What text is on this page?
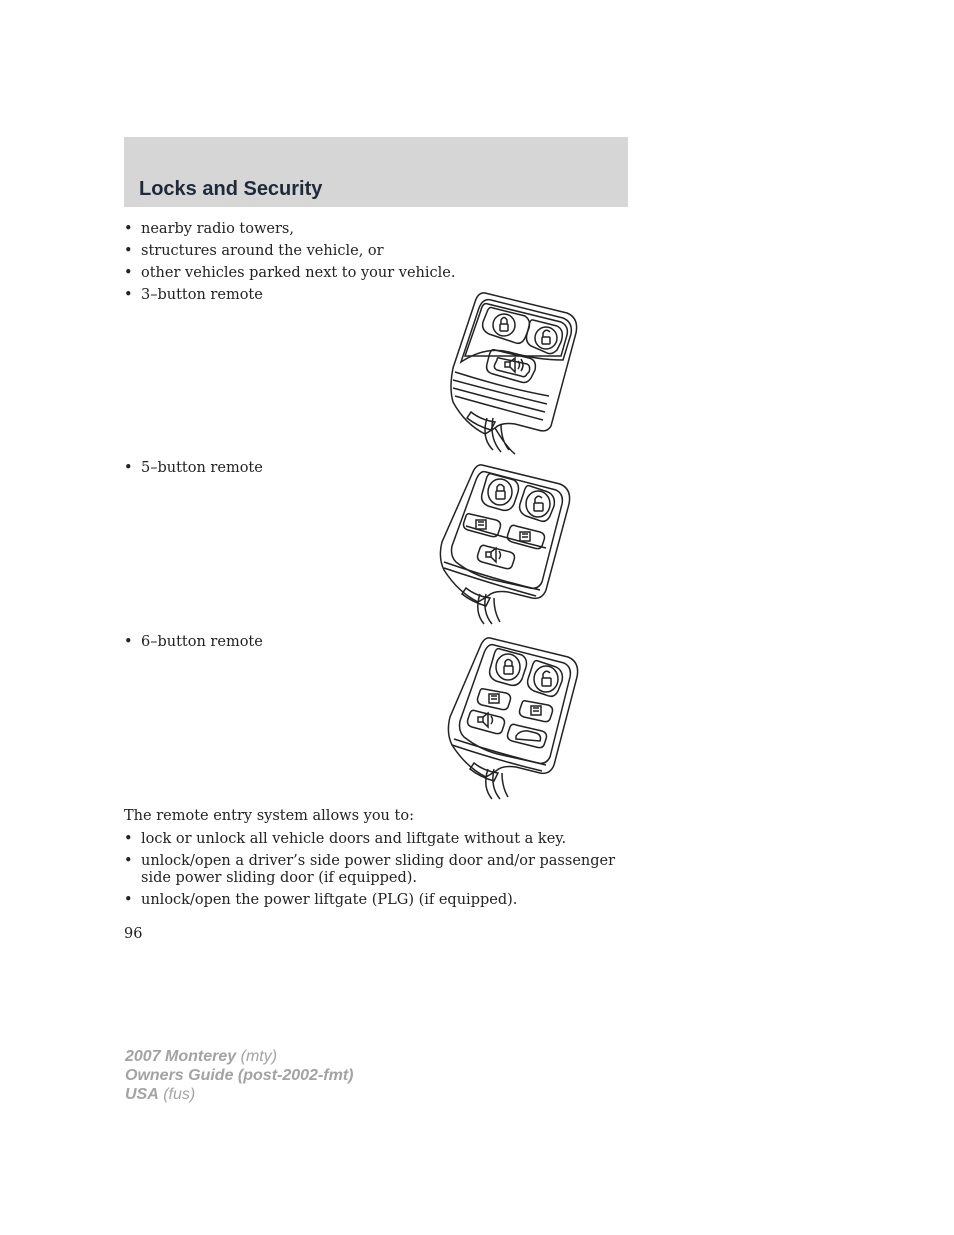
Locks and Security
• nearby radio towers,
• structures around the vehicle, or
• other vehicles parked next to your vehicle.
• 3–button remote
• 5–button remote
• 6–button remote
The remote entry system allows you to:
• lock or unlock all vehicle doors and liftgate without a key.
• unlock/open a driver’s side power sliding door and/or passenger side power sliding door (if equipped).
• unlock/open the power liftgate (PLG) (if equipped).
96
2007 Monterey (mty)
Owners Guide (post-2002-fmt)
USA (fus)
